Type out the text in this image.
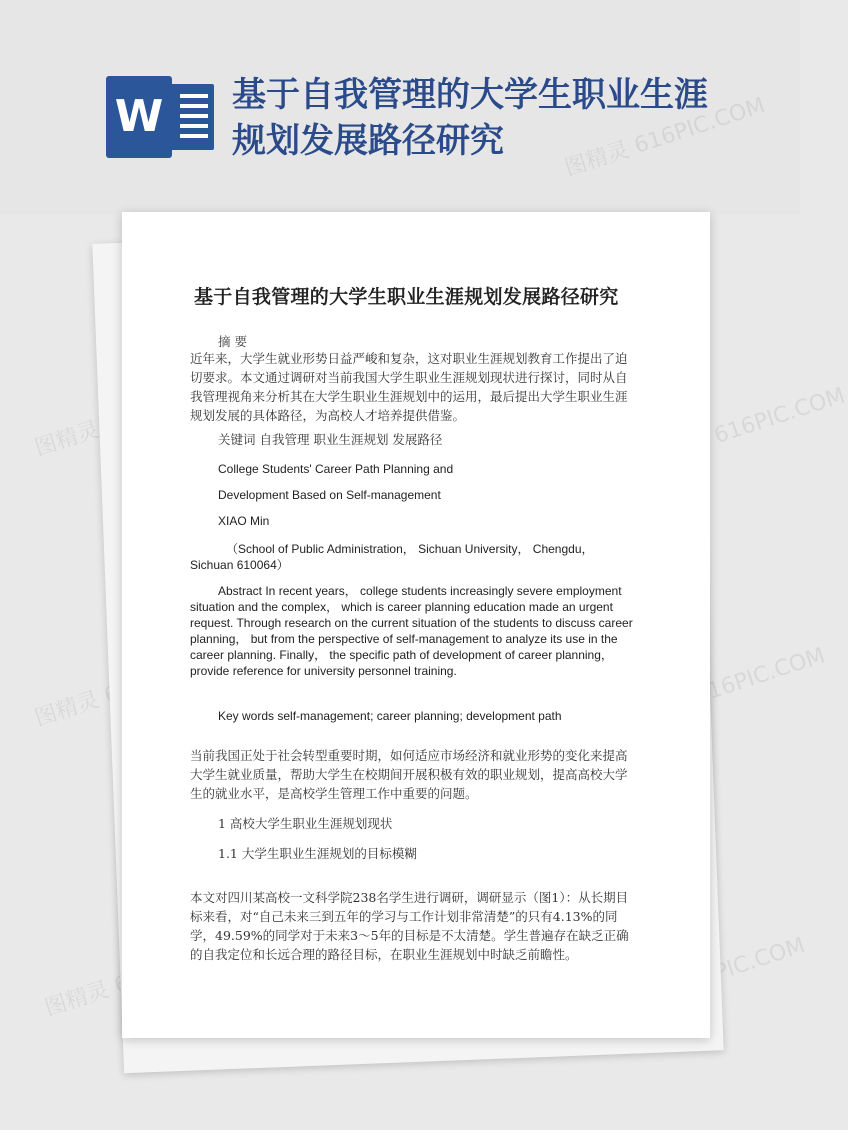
W 基于自我管理的大学生职业生涯规划发展路径研究
图精灵	图精灵 616PIC.COM
图精灵	图精灵 616PIC.COM
图精灵
616PIC.COM
基于自我管理的大学生职业生涯规划发展路径研究
摘 要
近年来，大学生就业形势日益严峻和复杂，这对职业生涯规划教育工作提出了迫切要求。本文通过调研对当前我国大学生职业生涯规划现状进行探讨，同时从自我管理视角来分析其在大学生职业生涯规划中的运用，最后提出大学生职业生涯规划发展的具体路径，为高校人才培养提供借鉴。
关键词 自我管理 职业生涯规划 发展路径
College Students' Career Path Planning and
Development Based on Self-management
XIAO Min
（School of Public Administration， Sichuan University， Chengdu，Sichuan 610064）
Abstract In recent years， college students increasingly severe employment situation and the complex， which is career planning education made an urgent request. Through research on the current situation of the students to discuss career planning， but from the perspective of self-management to analyze its use in the career planning. Finally， the specific path of development of career planning， provide reference for university personnel training.
Key words self-management; career planning; development path
当前我国正处于社会转型重要时期，如何适应市场经济和就业形势的变化来提高大学生就业质量，帮助大学生在校期间开展积极有效的职业规划，提高高校大学生的就业水平，是高校学生管理工作中重要的问题。
1 高校大学生职业生涯规划现状
1.1 大学生职业生涯规划的目标模糊
本文对四川某高校一文科学院238名学生进行调研，调研显示（图1）：从长期目标来看，对“自己未来三到五年的学习与工作计划非常清楚”的只有4.13%的同学，49.59%的同学对于未来3～5年的目标是不太清楚。学生普遍存在缺乏正确的自我定位和长远合理的路径目标，在职业生涯规划中时缺乏前瞻性。
